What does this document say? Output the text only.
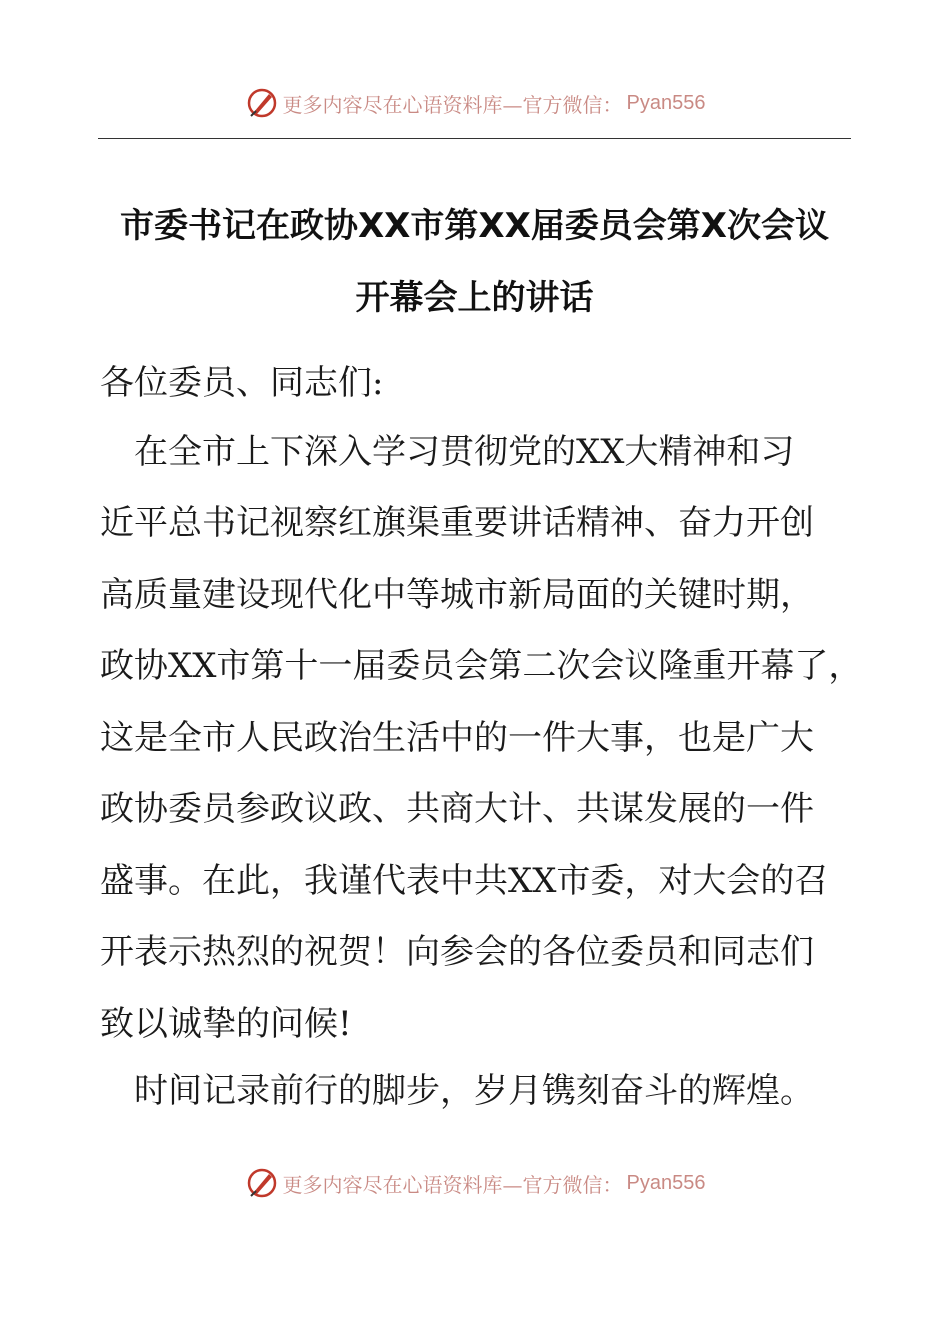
更多内容尽在心语资料库—官方微信： Pyan556
市委书记在政协XX市第XX届委员会第X次会议
开幕会上的讲话
各位委员、同志们:
　在全市上下深入学习贯彻党的XX大精神和习
近平总书记视察红旗渠重要讲话精神、奋力开创
高质量建设现代化中等城市新局面的关键时期，
政协XX市第十一届委员会第二次会议隆重开幕了，
这是全市人民政治生活中的一件大事，也是广大
政协委员参政议政、共商大计、共谋发展的一件
盛事。在此，我谨代表中共XX市委，对大会的召
开表示热烈的祝贺！向参会的各位委员和同志们
致以诚挚的问候!
　时间记录前行的脚步，岁月镌刻奋斗的辉煌。
更多内容尽在心语资料库—官方微信： Pyan556
